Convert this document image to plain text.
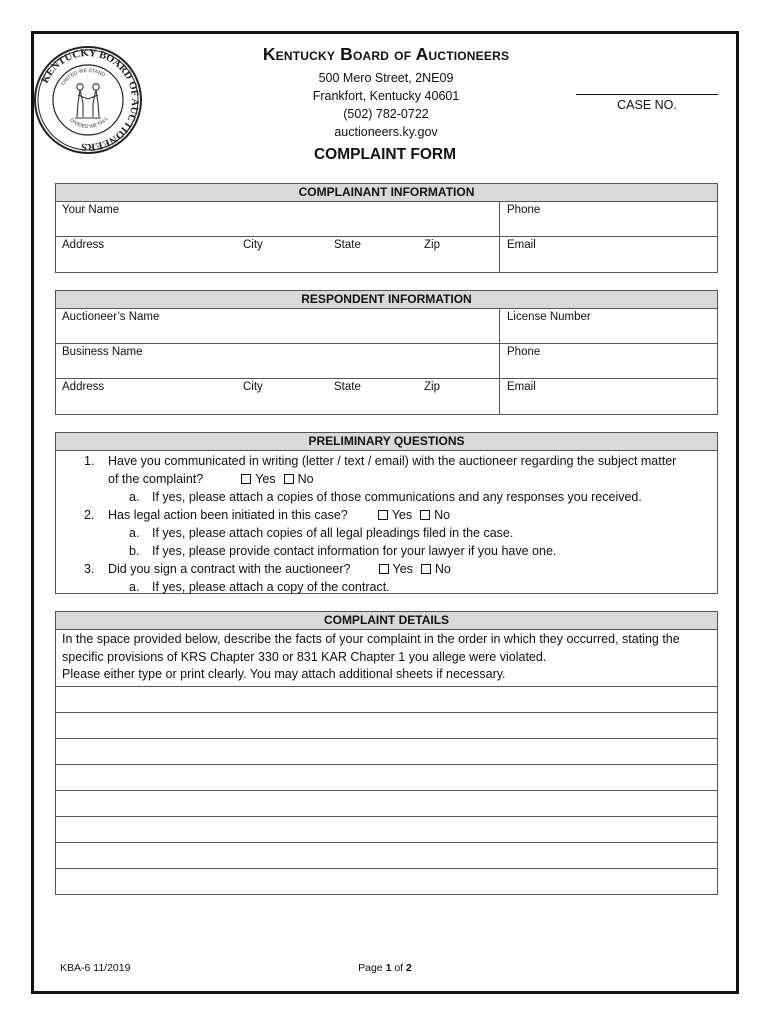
KENTUCKY BOARD OF AUCTIONEERS
UNITED WE STAND
DIVIDED WE FALL
Kentucky Board of Auctioneers
500 Mero Street, 2NE09
Frankfort, Kentucky 40601
(502) 782-0722
auctioneers.ky.gov
CASE NO.
COMPLAINT FORM
COMPLAINANT INFORMATION
Your Name	Phone
Address	City	State	Zip	Email
RESPONDENT INFORMATION
Auctioneer’s Name	License Number
Business Name	Phone
Address	City	State	Zip	Email
PRELIMINARY QUESTIONS
1. Have you communicated in writing (letter / text / email) with the auctioneer regarding the subject matter
of the complaint?	Yes No
a. If yes, please attach a copies of those communications and any responses you received.
2. Has legal action been initiated in this case?	Yes No
a. If yes, please attach copies of all legal pleadings filed in the case.
b. If yes, please provide contact information for your lawyer if you have one.
3. Did you sign a contract with the auctioneer?	Yes No
a. If yes, please attach a copy of the contract.
COMPLAINT DETAILS
In the space provided below, describe the facts of your complaint in the order in which they occurred, stating the
specific provisions of KRS Chapter 330 or 831 KAR Chapter 1 you allege were violated.
Please either type or print clearly. You may attach additional sheets if necessary.
KBA-6 11/2019	Page 1 of 2
